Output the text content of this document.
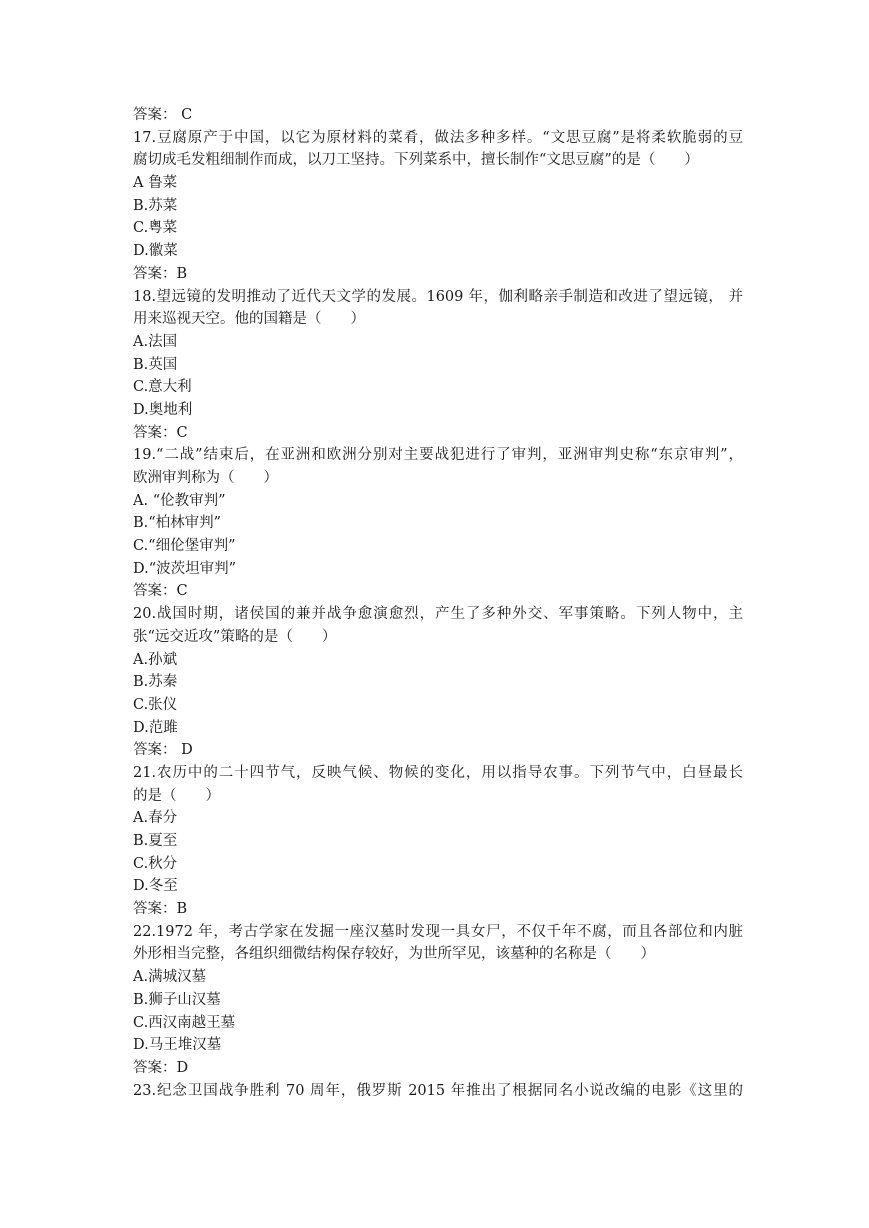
答案： C
17.豆腐原产于中国，以它为原材料的菜肴，做法多种多样。“文思豆腐”是将柔软脆弱的豆
腐切成毛发粗细制作而成，以刀工坚持。下列菜系中，擅长制作“文思豆腐”的是（　　）
A 鲁菜
B.苏菜
C.粤菜
D.徽菜
答案：B
18.望远镜的发明推动了近代天文学的发展。1609 年，伽利略亲手制造和改进了望远镜， 并
用来巡视天空。他的国籍是（　　）
A.法国
B.英国
C.意大利
D.奥地利
答案：C
19.“二战”结束后，在亚洲和欧洲分别对主要战犯进行了审判，亚洲审判史称“东京审判”，
欧洲审判称为（　　）
A. “伦教审判”
B.“柏林审判”
C.“细伦堡审判”
D.“波茨坦审判”
答案：C
20.战国时期，诸侯国的兼并战争愈演愈烈，产生了多种外交、军事策略。下列人物中，主
张“远交近攻”策略的是（　　）
A.孙斌
B.苏秦
C.张仪
D.范雎
答案： D
21.农历中的二十四节气，反映气候、物候的变化，用以指导农事。下列节气中，白昼最长
的是（　　）
A.春分
B.夏至
C.秋分
D.冬至
答案：B
22.1972 年，考古学家在发掘一座汉墓时发现一具女尸，不仅千年不腐，而且各部位和内脏
外形相当完整，各组织细微结构保存较好，为世所罕见，该墓种的名称是（　　）
A.满城汉墓
B.狮子山汉墓
C.西汉南越王墓
D.马王堆汉墓
答案：D
23.纪念卫国战争胜利 70 周年，俄罗斯 2015 年推出了根据同名小说改编的电影《这里的
